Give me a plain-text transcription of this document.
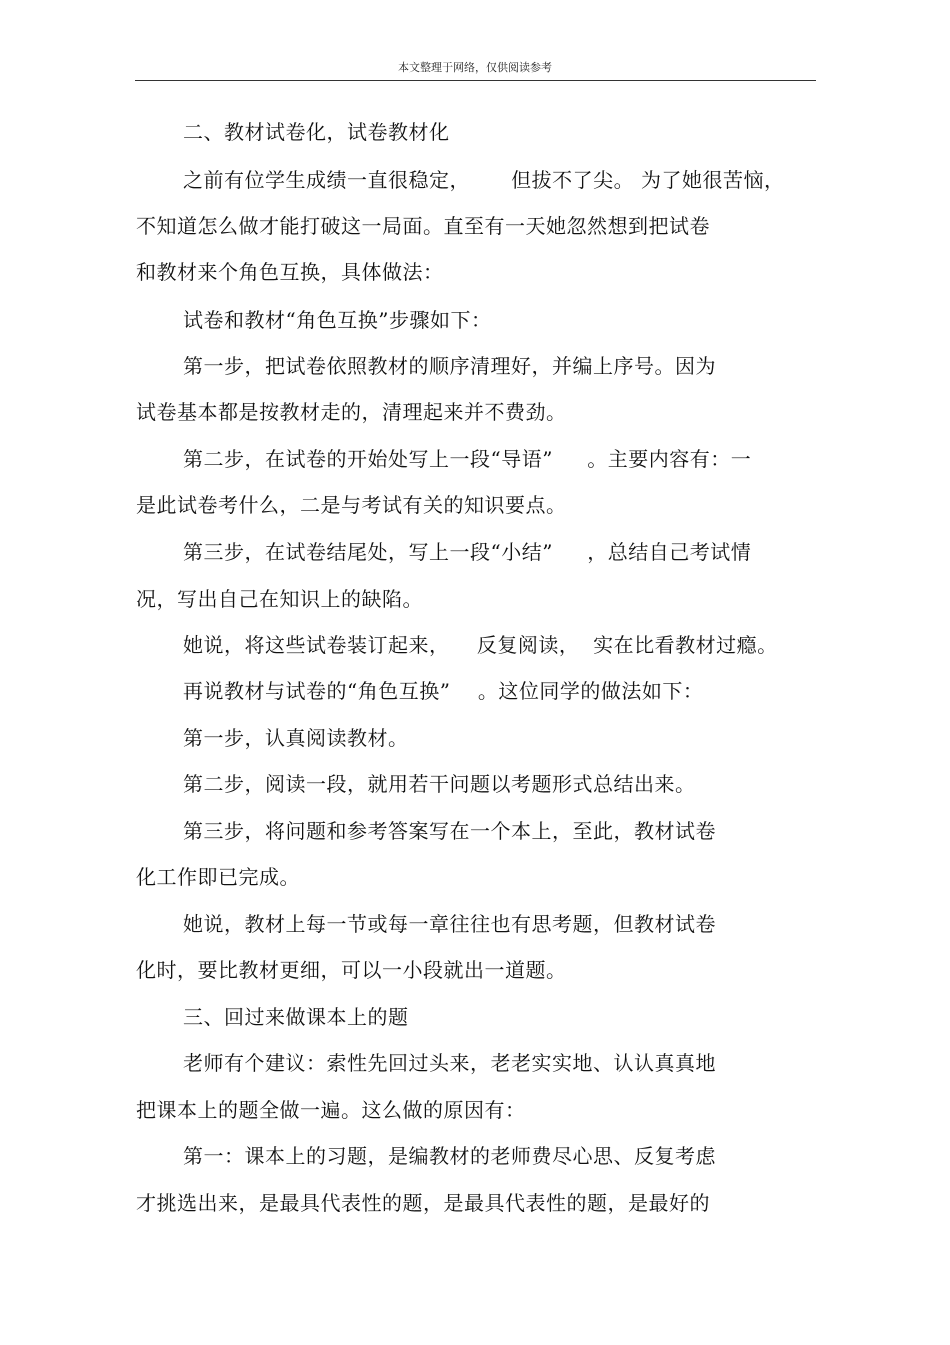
本文整理于网络，仅供阅读参考
二、教材试卷化，试卷教材化
之前有位学生成绩一直很稳定，      但拔不了尖。 为了她很苦恼，
不知道怎么做才能打破这一局面。直至有一天她忽然想到把试卷
和教材来个角色互换，具体做法：
试卷和教材“角色互换”步骤如下：
第一步，把试卷依照教材的顺序清理好，并编上序号。因为
试卷基本都是按教材走的，清理起来并不费劲。
第二步，在试卷的开始处写上一段“导语”     。主要内容有：一
是此试卷考什么，二是与考试有关的知识要点。
第三步，在试卷结尾处，写上一段“小结”     ，总结自己考试情
况，写出自己在知识上的缺陷。
她说，将这些试卷装订起来，    反复阅读，  实在比看教材过瘾。
再说教材与试卷的“角色互换”    。这位同学的做法如下：
第一步，认真阅读教材。
第二步，阅读一段，就用若干问题以考题形式总结出来。
第三步，将问题和参考答案写在一个本上，至此，教材试卷
化工作即已完成。
她说，教材上每一节或每一章往往也有思考题，但教材试卷
化时，要比教材更细，可以一小段就出一道题。
三、回过来做课本上的题
老师有个建议：索性先回过头来，老老实实地、认认真真地
把课本上的题全做一遍。这么做的原因有：
第一：课本上的习题，是编教材的老师费尽心思、反复考虑
才挑选出来，是最具代表性的题，是最具代表性的题，是最好的
